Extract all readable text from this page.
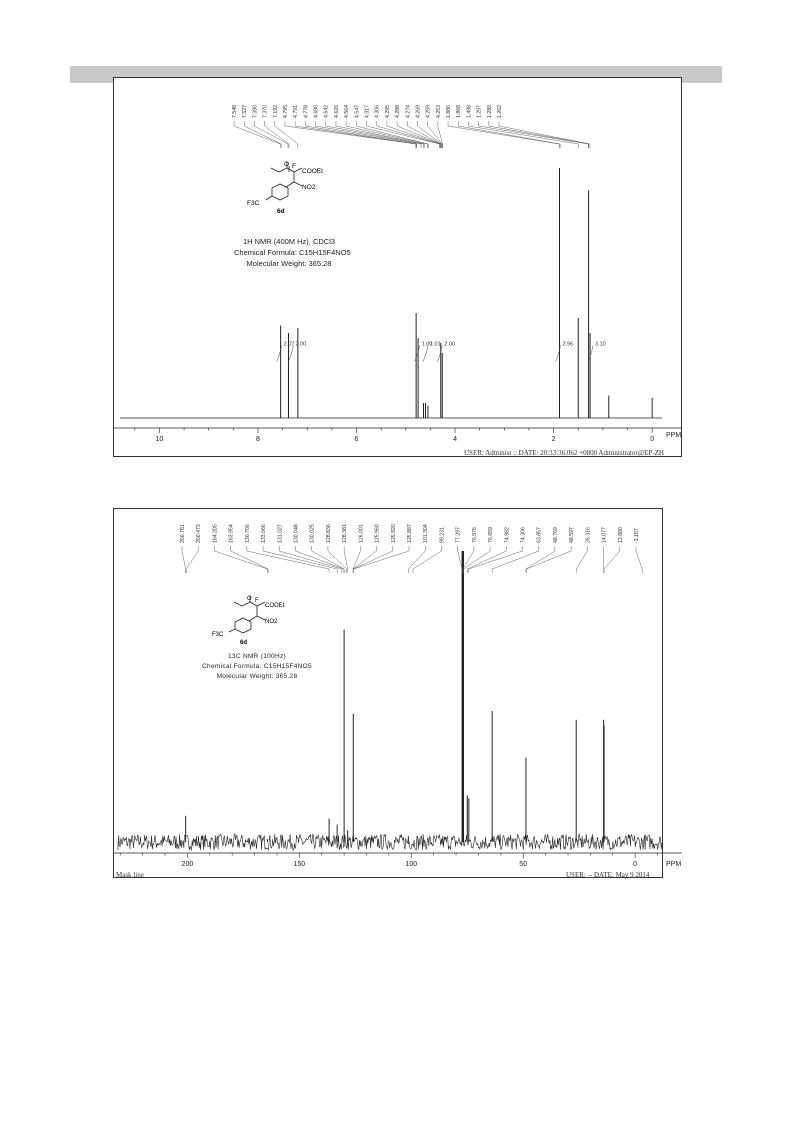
2.07 2.00	1.00
1.01 2.00	2.96	3.10
10	8	6	4	2	0
PPM
7.548 7.527 7.390 7.370 7.192 4.795 4.791 4.778 4.690 4.642 4.626 4.564 4.547 4.317 4.306 4.295 4.288 4.274 4.269 4.259 4.253 1.886 1.868 1.498 1.297 1.289 1.262
O F
COOEt
NO2
F3C
6d
1H NMR (400M Hz), CDCl3
Chemical Formula: C15H15F4NO5
Molecular Weight: 365.28
USER: Administ :: DATE: 20:33:36.062 +0800 Administrator@EP-ZH
200	150	100	50	0	PPM
200.781 200.473 164.205 163.954 136.706 133.066 131.027 130.048 130.025 128.836 128.381 126.001 125.960 125.920 125.887 101.304 99.231 77.297 76.976 76.659 74.982 74.306 63.857 48.769 48.597 26.316 14.077 13.880 -3.157
O F
COOEt
NO2
F3C
6d
13C NMR (100Hz)
Chemical Formula: C15H15F4NO5
Molecular Weight: 365.28
Mask line	USER: -- DATE: May 9 2014
